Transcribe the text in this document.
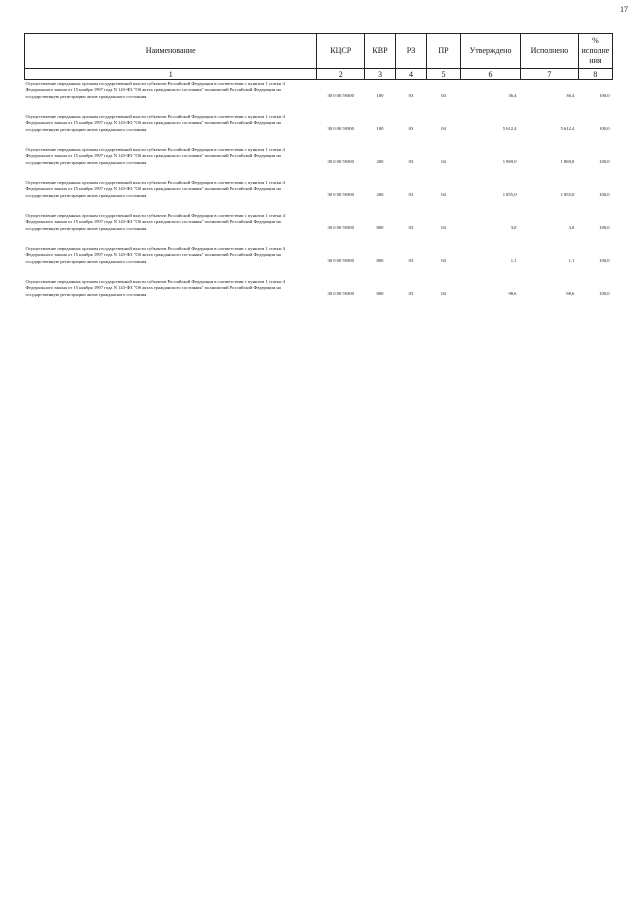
17
Наименование	КЦСР	КВР	РЗ	ПР	Утверждено	Исполнено	% исполне ния
1	2	3	4	5	6	7	8
Осуществление переданных органам государственной власти субъектов Российской Федерации в соответствии с пунктом 1 статьи 4 Федерального закона от 15 ноября 1997 года N 143-ФЗ "Об актах гражданского состояния" полномочий Российской Федерации на государственную регистрацию актов гражданского состояния	30 0 00 59300	100	03	04	36,4	36,4	100,0
Осуществление переданных органам государственной власти субъектов Российской Федерации в соответствии с пунктом 1 статьи 4 Федерального закона от 15 ноября 1997 года N 143-ФЗ "Об актах гражданского состояния" полномочий Российской Федерации на государственную регистрацию актов гражданского состояния	30 0 00 59300	100	03	04	5 612,4	5 612,4	100,0
Осуществление переданных органам государственной власти субъектов Российской Федерации в соответствии с пунктом 1 статьи 4 Федерального закона от 15 ноября 1997 года N 143-ФЗ "Об актах гражданского состояния" полномочий Российской Федерации на государственную регистрацию актов гражданского состояния	30 0 00 59300	200	03	04	1 869,0	1 869,0	100,0
Осуществление переданных органам государственной власти субъектов Российской Федерации в соответствии с пунктом 1 статьи 4 Федерального закона от 15 ноября 1997 года N 143-ФЗ "Об актах гражданского состояния" полномочий Российской Федерации на государственную регистрацию актов гражданского состояния	30 0 00 59300	200	03	04	1 855,0	1 855,0	100,0
Осуществление переданных органам государственной власти субъектов Российской Федерации в соответствии с пунктом 1 статьи 4 Федерального закона от 15 ноября 1997 года N 143-ФЗ "Об актах гражданского состояния" полномочий Российской Федерации на государственную регистрацию актов гражданского состояния	30 0 00 59300	800	03	04	3,0	3,0	100,0
Осуществление переданных органам государственной власти субъектов Российской Федерации в соответствии с пунктом 1 статьи 4 Федерального закона от 15 ноября 1997 года N 143-ФЗ "Об актах гражданского состояния" полномочий Российской Федерации на государственную регистрацию актов гражданского состояния	30 0 00 59300	800	03	04	1,1	1,1	100,0
Осуществление переданных органам государственной власти субъектов Российской Федерации в соответствии с пунктом 1 статьи 4 Федерального закона от 15 ноября 1997 года N 143-ФЗ "Об актах гражданского состояния" полномочий Российской Федерации на государственную регистрацию актов гражданского состояния	30 0 00 59300	800	03	04	98,6	98,6	100,0
